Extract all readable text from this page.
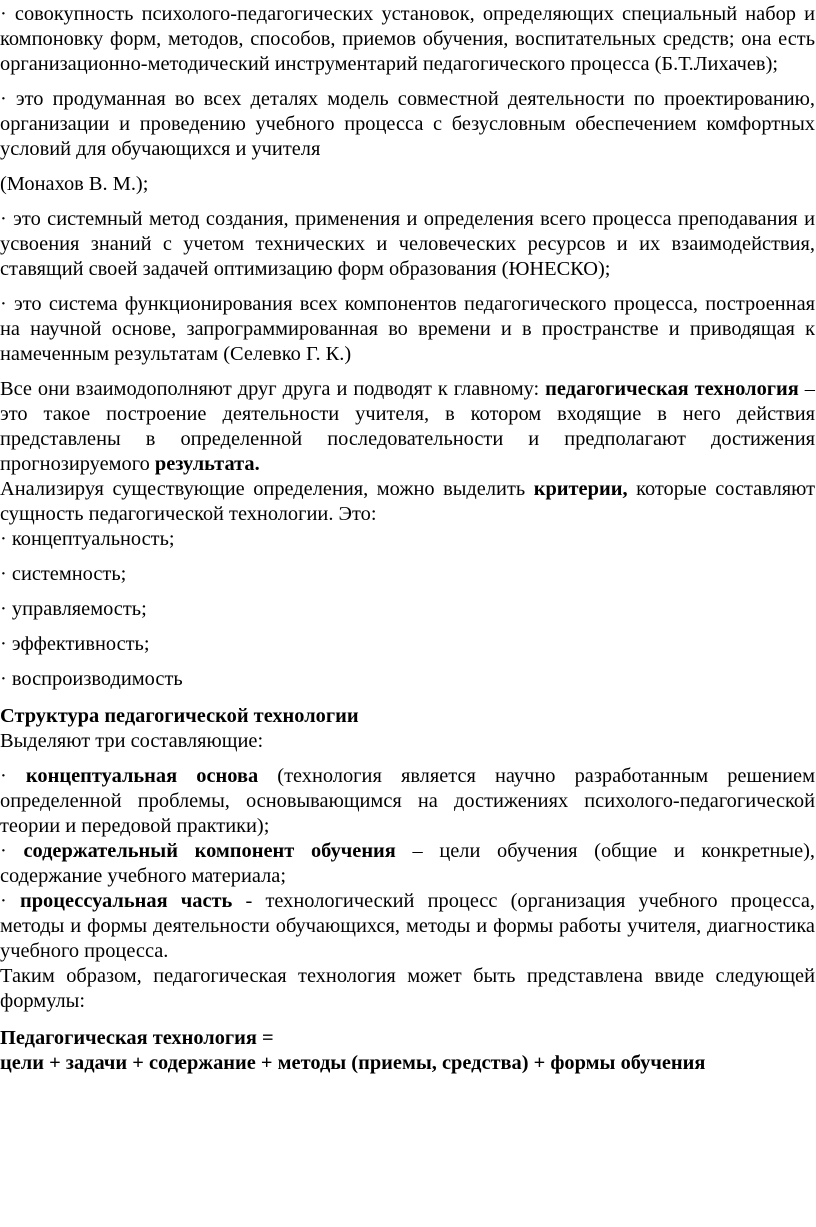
· совокупность психолого-педагогических установок, определяющих специальный набор и компоновку форм, методов, способов, приемов обучения, воспитательных средств; она есть организационно-методический инструментарий педагогического процесса (Б.Т.Лихачев);

· это продуманная во всех деталях модель совместной деятельности по проектированию, организации и проведению учебного процесса с безусловным обеспечением комфортных условий для обучающихся и учителя

(Монахов В. М.);

· это системный метод создания, применения и определения всего процесса преподавания и усвоения знаний с учетом технических и человеческих ресурсов и их взаимодействия, ставящий своей задачей оптимизацию форм образования (ЮНЕСКО);

· это система функционирования всех компонентов педагогического процесса, построенная на научной основе, запрограммированная во времени и в пространстве и приводящая к намеченным результатам (Селевко Г. К.)

Все они взаимодополняют друг друга и подводят к главному: педагогическая технология – это такое построение деятельности учителя, в котором входящие в него действия представлены в определенной последовательности и предполагают достижения прогнозируемого результата.

Анализируя существующие определения, можно выделить критерии, которые составляют сущность педагогической технологии. Это:

· концептуальность;

· системность;

· управляемость;

· эффективность;

· воспроизводимость

Структура педагогической технологии

Выделяют три составляющие:

· концептуальная основа (технология является научно разработанным решением определенной проблемы, основывающимся на достижениях психолого-педагогической теории и передовой практики);

· содержательный компонент обучения – цели обучения (общие и конкретные), содержание учебного материала;

· процессуальная часть - технологический процесс (организация учебного процесса, методы и формы деятельности обучающихся, методы и формы работы учителя, диагностика учебного процесса.

Таким образом, педагогическая технология может быть представлена ввиде следующей формулы:

Педагогическая технология =

цели + задачи + содержание + методы (приемы, средства) + формы обучения
